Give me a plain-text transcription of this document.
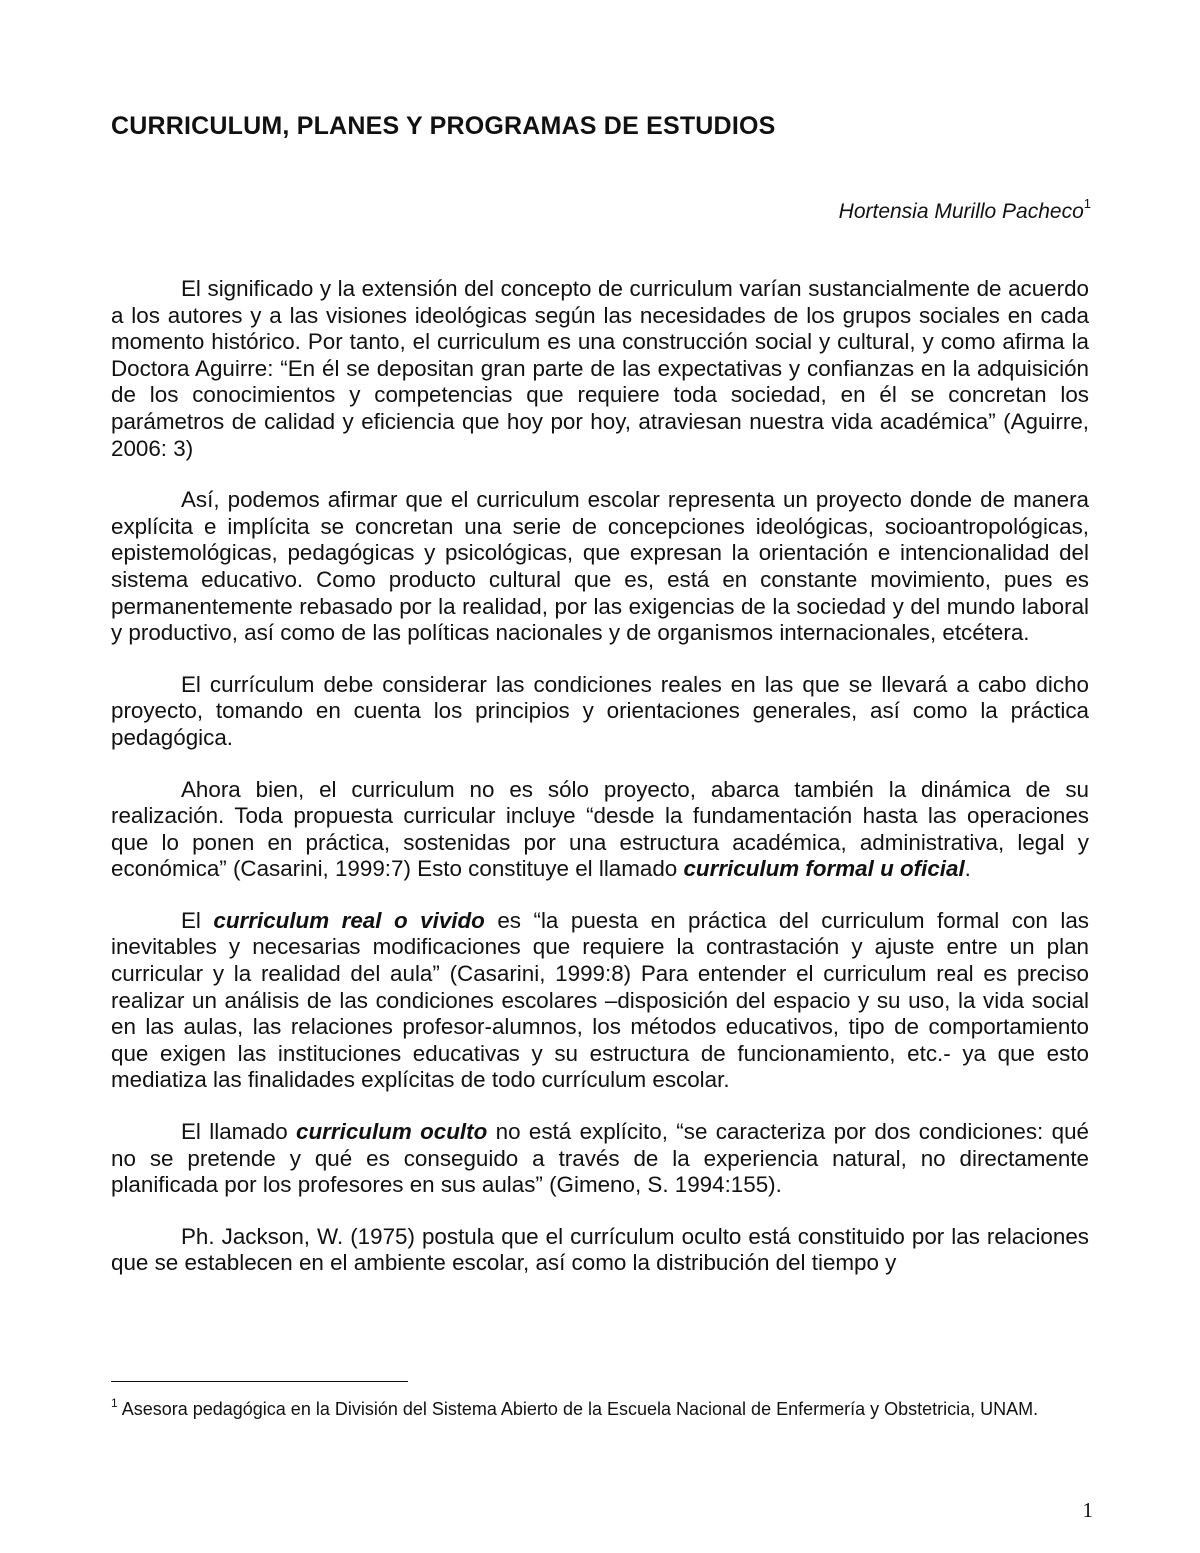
CURRICULUM, PLANES Y PROGRAMAS DE ESTUDIOS
Hortensia Murillo Pacheco$^1$

El significado y la extensión del concepto de curriculum varían sustancialmente de acuerdo a los autores y a las visiones ideológicas según las necesidades de los grupos sociales en cada momento histórico. Por tanto, el curriculum es una construcción social y cultural, y como afirma la Doctora Aguirre: “En él se depositan gran parte de las expectativas y confianzas en la adquisición de los conocimientos y competencias que requiere toda sociedad, en él se concretan los parámetros de calidad y eficiencia que hoy por hoy, atraviesan nuestra vida académica” (Aguirre, 2006: 3)

Así, podemos afirmar que el curriculum escolar representa un proyecto donde de manera explícita e implícita se concretan una serie de concepciones ideológicas, socioantropológicas, epistemológicas, pedagógicas y psicológicas, que expresan la orientación e intencionalidad del sistema educativo. Como producto cultural que es, está en constante movimiento, pues es permanentemente rebasado por la realidad, por las exigencias de la sociedad y del mundo laboral y productivo, así como de las políticas nacionales y de organismos internacionales, etcétera.

El currículum debe considerar las condiciones reales en las que se llevará a cabo dicho proyecto, tomando en cuenta los principios y orientaciones generales, así como la práctica pedagógica.

Ahora bien, el curriculum no es sólo proyecto, abarca también la dinámica de su realización. Toda propuesta curricular incluye “desde la fundamentación hasta las operaciones que lo ponen en práctica, sostenidas por una estructura académica, administrativa, legal y económica” (Casarini, 1999:7) Esto constituye el llamado curriculum formal u oficial.

El curriculum real o vivido es “la puesta en práctica del curriculum formal con las inevitables y necesarias modificaciones que requiere la contrastación y ajuste entre un plan curricular y la realidad del aula” (Casarini, 1999:8) Para entender el curriculum real es preciso realizar un análisis de las condiciones escolares –disposición del espacio y su uso, la vida social en las aulas, las relaciones profesor-alumnos, los métodos educativos, tipo de comportamiento que exigen las instituciones educativas y su estructura de funcionamiento, etc.- ya que esto mediatiza las finalidades explícitas de todo currículum escolar.

El llamado curriculum oculto no está explícito, “se caracteriza por dos condiciones: qué no se pretende y qué es conseguido a través de la experiencia natural, no directamente planificada por los profesores en sus aulas” (Gimeno, S. 1994:155).

Ph. Jackson, W. (1975) postula que el currículum oculto está constituido por las relaciones que se establecen en el ambiente escolar, así como la distribución del tiempo y

$^1$ Asesora pedagógica en la División del Sistema Abierto de la Escuela Nacional de Enfermería y Obstetricia, UNAM.

1
